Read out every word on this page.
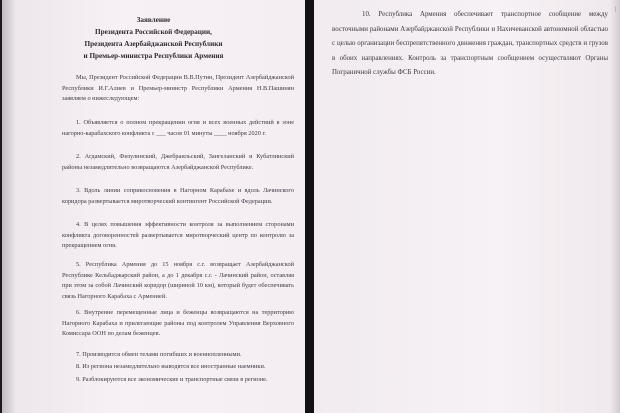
Заявление
Президента Российской Федерации,
Президента Азербайджанской Республики
и Премьер-министра Республики Армения
Мы, Президент Российской Федерации В.В.Путин, Президент Азербайджанской Республики И.Г.Алиев и Премьер-министр Республики Армения Н.В.Пашинян заявляем о нижеследующем:
1. Объявляется о полном прекращении огня и всех военных действий в зоне нагорно-карабахского конфликта с ___ часов 01 минуты ____ ноября 2020 г.
2. Агдамский, Физулинский, Джебраильский, Зангеланский и Кубатлинский районы незамедлительно возвращаются Азербайджанской Республике.
3. Вдоль линии соприкосновения в Нагорном Карабахе и вдоль Лачинского коридора развертывается миротворческий контингент Российской Федерации.
4. В целях повышения эффективности контроля за выполнением сторонами конфликта договоренностей развертывается миротворческий центр по контролю за прекращением огня.
5. Республика Армения до 15 ноября с.г. возвращает Азербайджанской Республике Кельбаджарский район, а до 1 декабря с.г. - Лачинский район, оставляя при этом за собой Лачинский коридор (шириной 10 км), который будет обеспечивать связь Нагорного Карабаха с Арменией.
6. Внутренне перемещенные лица и беженцы возвращаются на территорию Нагорного Карабаха и прилегающие районы под контролем Управления Верховного Комиссара ООН по делам беженцев.
7. Производится обмен телами погибших и военнопленными.
8. Из региона незамедлительно выводятся все иностранные наемники.
9. Разблокируются все экономические и транспортные связи в регионе.
10. Республика Армения обеспечивает транспортное сообщение между восточными районами Азербайджанской Республики и Нахичеванской автономной областью с целью организации беспрепятственного движения граждан, транспортных средств и грузов в обоих направлениях. Контроль за транспортным сообщением осуществляют Органы Пограничной службы ФСБ России.
